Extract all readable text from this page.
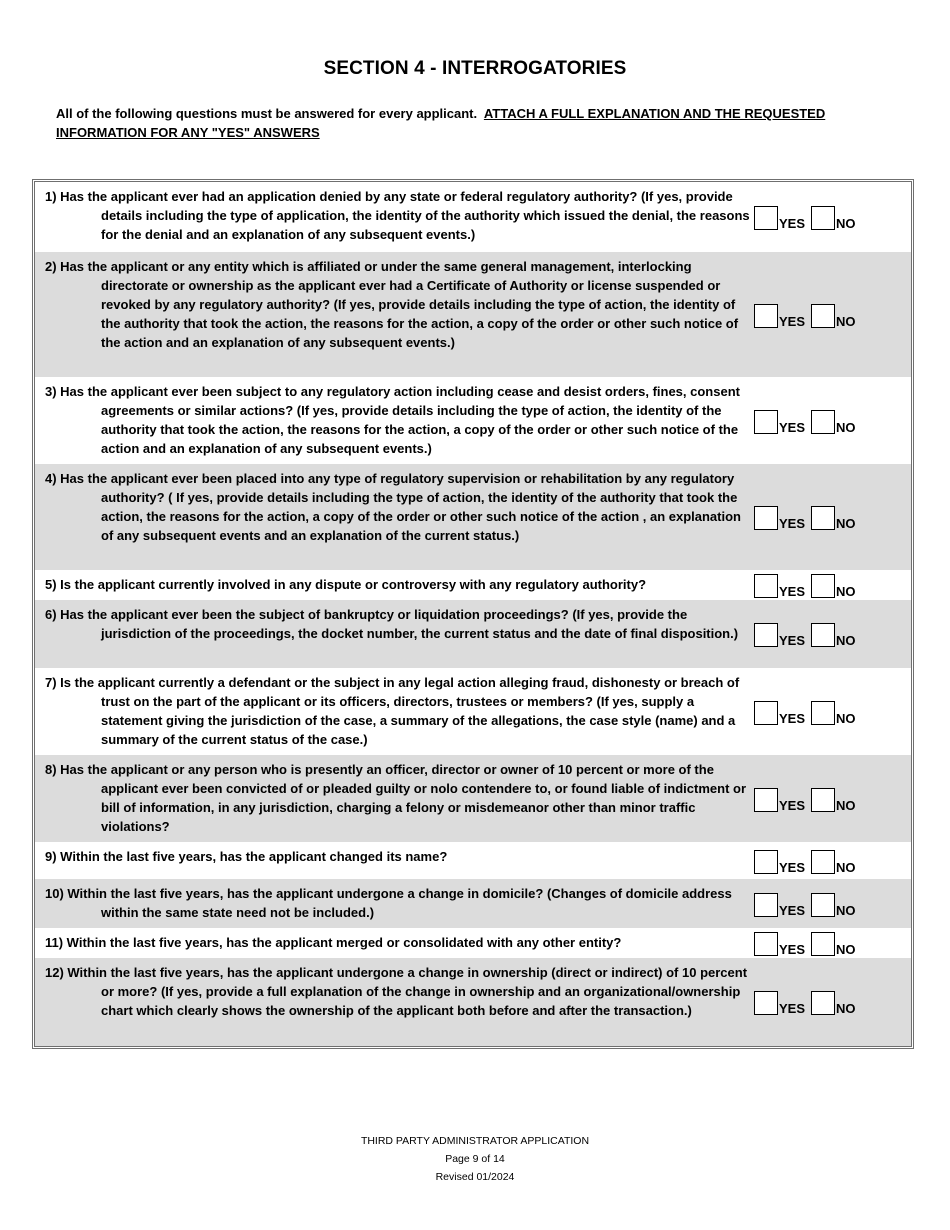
SECTION 4 - INTERROGATORIES
All of the following questions must be answered for every applicant. ATTACH A FULL EXPLANATION AND THE REQUESTED INFORMATION FOR ANY "YES" ANSWERS
1) Has the applicant ever had an application denied by any state or federal regulatory authority? (If yes, provide details including the type of application, the identity of the authority which issued the denial, the reasons for the denial and an explanation of any subsequent events.)
YES NO
2) Has the applicant or any entity which is affiliated or under the same general management, interlocking directorate or ownership as the applicant ever had a Certificate of Authority or license suspended or revoked by any regulatory authority? (If yes, provide details including the type of action, the identity of the authority that took the action, the reasons for the action, a copy of the order or other such notice of the action and an explanation of any subsequent events.)
YES NO
3) Has the applicant ever been subject to any regulatory action including cease and desist orders, fines, consent agreements or similar actions? (If yes, provide details including the type of action, the identity of the authority that took the action, the reasons for the action, a copy of the order or other such notice of the action and an explanation of any subsequent events.)
YES NO
4) Has the applicant ever been placed into any type of regulatory supervision or rehabilitation by any regulatory authority? ( If yes, provide details including the type of action, the identity of the authority that took the action, the reasons for the action, a copy of the order or other such notice of the action , an explanation of any subsequent events and an explanation of the current status.)
YES NO
5) Is the applicant currently involved in any dispute or controversy with any regulatory authority?	YES NO
6) Has the applicant ever been the subject of bankruptcy or liquidation proceedings? (If yes, provide the jurisdiction of the proceedings, the docket number, the current status and the date of final disposition.)	YES NO
7) Is the applicant currently a defendant or the subject in any legal action alleging fraud, dishonesty or breach of trust on the part of the applicant or its officers, directors, trustees or members? (If yes, supply a statement giving the jurisdiction of the case, a summary of the allegations, the case style (name) and a summary of the current status of the case.)
YES NO
8) Has the applicant or any person who is presently an officer, director or owner of 10 percent or more of the applicant ever been convicted of or pleaded guilty or nolo contendere to, or found liable of indictment or bill of information, in any jurisdiction, charging a felony or misdemeanor other than minor traffic violations?
YES NO
9) Within the last five years, has the applicant changed its name?
YES NO
10) Within the last five years, has the applicant undergone a change in domicile? (Changes of domicile address within the same state need not be included.)	YES NO
11) Within the last five years, has the applicant merged or consolidated with any other entity?	YES NO
12) Within the last five years, has the applicant undergone a change in ownership (direct or indirect) of 10 percent or more? (If yes, provide a full explanation of the change in ownership and an organizational/ownership chart which clearly shows the ownership of the applicant both before and after the transaction.)	YES NO
THIRD PARTY ADMINISTRATOR APPLICATION
Page 9 of 14
Revised 01/2024
